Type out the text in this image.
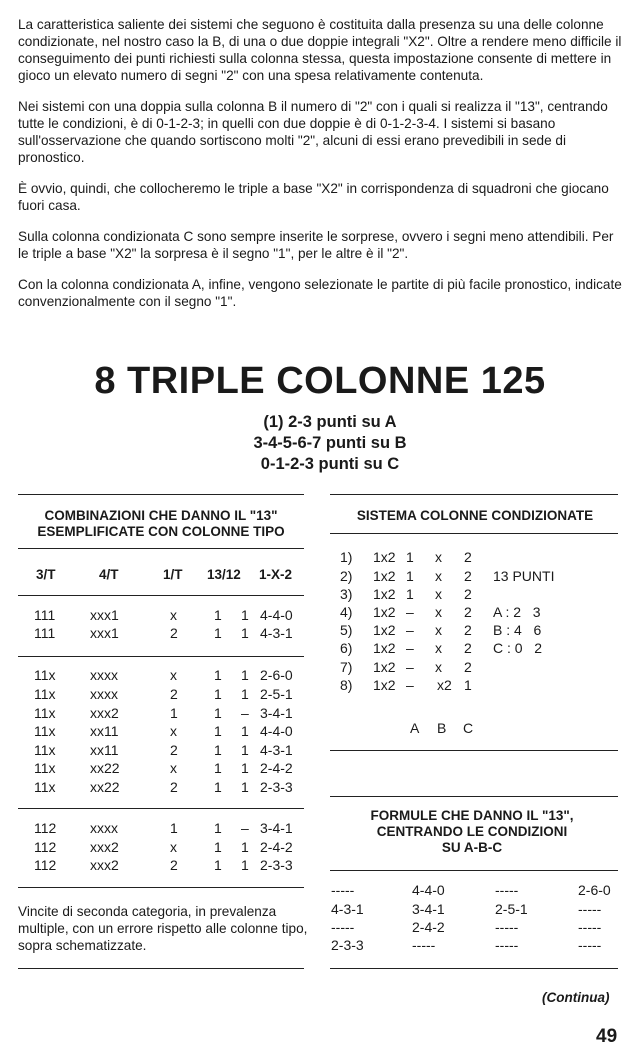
La caratteristica saliente dei sistemi che seguono è costituita dalla presenza su una delle colonne condizionate, nel nostro caso la B, di una o due doppie integrali "X2". Oltre a rendere meno difficile il conseguimento dei punti richiesti sulla colonna stessa, questa impostazione consente di mettere in gioco un elevato numero di segni "2" con una spesa relativamente contenuta.

Nei sistemi con una doppia sulla colonna B il numero di "2" con i quali si realizza il "13", centrando tutte le condizioni, è di 0-1-2-3; in quelli con due doppie è di 0-1-2-3-4. I sistemi si basano sull'osservazione che quando sortiscono molti "2", alcuni di essi erano prevedibili in sede di pronostico.

È ovvio, quindi, che collocheremo le triple a base "X2" in corrispondenza di squadroni che giocano fuori casa.

Sulla colonna condizionata C sono sempre inserite le sorprese, ovvero i segni meno attendibili. Per le triple a base "X2" la sorpresa è il segno "1", per le altre è il "2".

Con la colonna condizionata A, infine, vengono selezionate le partite di più facile pronostico, indicate convenzionalmente con il segno "1".

8 TRIPLE COLONNE 125
(1) 2-3 punti su A
3-4-5-6-7 punti su B
0-1-2-3 punti su C
COMBINAZIONI CHE DANNO IL "13"
ESEMPLIFICATE CON COLONNE TIPO
3/T	4/T	1/T 13/12 1-X-2
111 xxx1	x	1 1 4-4-0
111 xxx1	2	1 1 4-3-1
11x xxxx	x	1 1 2-6-0
11x xxxx	2	1 1 2-5-1
11x xxx2	1	1 – 3-4-1
11x xx11	x	1 1 4-4-0
11x xx11	2	1 1 4-3-1
11x xx22	x	1 1 2-4-2
11x xx22	2	1 1 2-3-3
112 xxxx	1	1 – 3-4-1
112 xxx2	x	1 1 2-4-2
112 xxx2	2	1 1 2-3-3
Vincite di seconda categoria, in prevalenza multiple, con un errore rispetto alle colonne tipo, sopra schematizzate.
SISTEMA COLONNE CONDIZIONATE
1) 1x2 1 x 2
2) 1x2 1 x 2 13 PUNTI
3) 1x2 1 x 2
4) 1x2 – x 2 A : 2   3
5) 1x2 – x 2 B : 4   6
6) 1x2 – x 2 C : 0   2
7) 1x2 – x 2
8) 1x2 – x2 1
A B C
FORMULE CHE DANNO IL "13",
CENTRANDO LE CONDIZIONI
SU A-B-C
-----	4-4-0	-----	2-6-0
4-3-1	3-4-1	2-5-1	-----
-----	2-4-2	-----	-----
2-3-3	-----	-----	-----
(Continua)
49
